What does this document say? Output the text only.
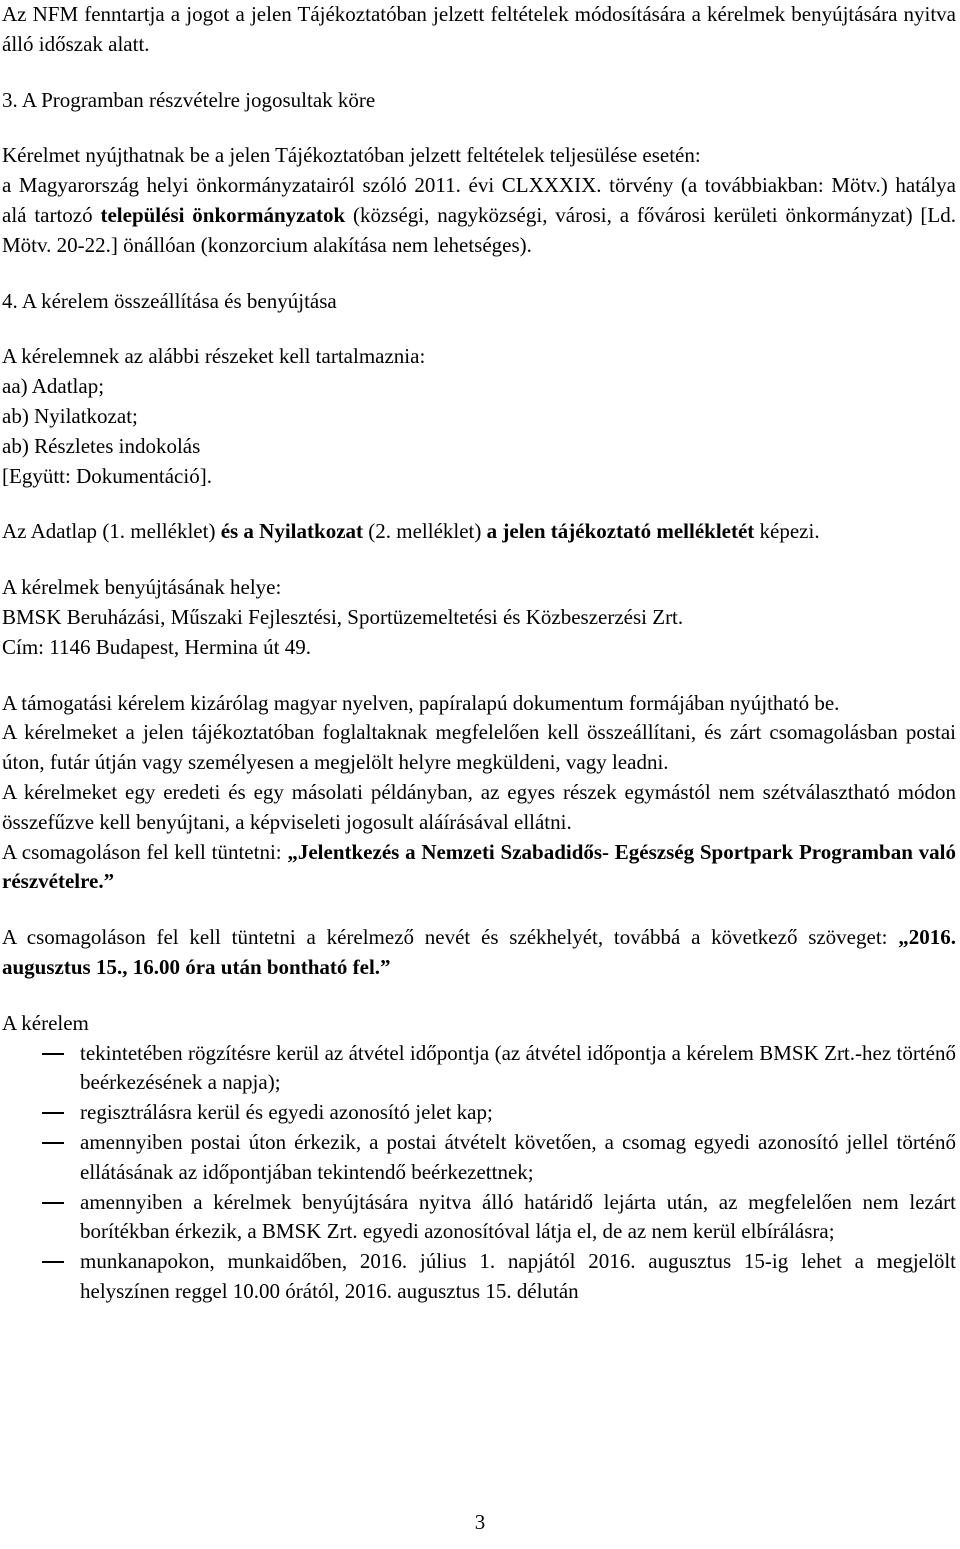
Az NFM fenntartja a jogot a jelen Tájékoztatóban jelzett feltételek módosítására a kérelmek benyújtására nyitva álló időszak alatt.

3. A Programban részvételre jogosultak köre

Kérelmet nyújthatnak be a jelen Tájékoztatóban jelzett feltételek teljesülése esetén:

a Magyarország helyi önkormányzatairól szóló 2011. évi CLXXXIX. törvény (a továbbiakban: Mötv.) hatálya alá tartozó települési önkormányzatok (községi, nagyközségi, városi, a fővárosi kerületi önkormányzat) [Ld. Mötv. 20-22.] önállóan (konzorcium alakítása nem lehetséges).

4. A kérelem összeállítása és benyújtása

A kérelemnek az alábbi részeket kell tartalmaznia:

aa) Adatlap;

ab) Nyilatkozat;

ab) Részletes indokolás

[Együtt: Dokumentáció].

Az Adatlap (1. melléklet) és a Nyilatkozat (2. melléklet) a jelen tájékoztató mellékletét képezi.

A kérelmek benyújtásának helye:

BMSK Beruházási, Műszaki Fejlesztési, Sportüzemeltetési és Közbeszerzési Zrt.

Cím: 1146 Budapest, Hermina út 49.

A támogatási kérelem kizárólag magyar nyelven, papíralapú dokumentum formájában nyújtható be.

A kérelmeket a jelen tájékoztatóban foglaltaknak megfelelően kell összeállítani, és zárt csomagolásban postai úton, futár útján vagy személyesen a megjelölt helyre megküldeni, vagy leadni.

A kérelmeket egy eredeti és egy másolati példányban, az egyes részek egymástól nem szétválasztható módon összefűzve kell benyújtani, a képviseleti jogosult aláírásával ellátni.

A csomagoláson fel kell tüntetni: „Jelentkezés a Nemzeti Szabadidős- Egészség Sportpark Programban való részvételre.”

A csomagoláson fel kell tüntetni a kérelmező nevét és székhelyét, továbbá a következő szöveget: „2016. augusztus 15., 16.00 óra után bontható fel.”

A kérelem

tekintetében rögzítésre kerül az átvétel időpontja (az átvétel időpontja a kérelem BMSK Zrt.-hez történő beérkezésének a napja);
regisztrálásra kerül és egyedi azonosító jelet kap;
amennyiben postai úton érkezik, a postai átvételt követően, a csomag egyedi azonosító jellel történő ellátásának az időpontjában tekintendő beérkezettnek;
amennyiben a kérelmek benyújtására nyitva álló határidő lejárta után, az megfelelően nem lezárt borítékban érkezik, a BMSK Zrt. egyedi azonosítóval látja el, de az nem kerül elbírálásra;
munkanapokon, munkaidőben, 2016. július 1. napjától 2016. augusztus 15-ig lehet a megjelölt helyszínen reggel 10.00 órától, 2016. augusztus 15. délután
3
